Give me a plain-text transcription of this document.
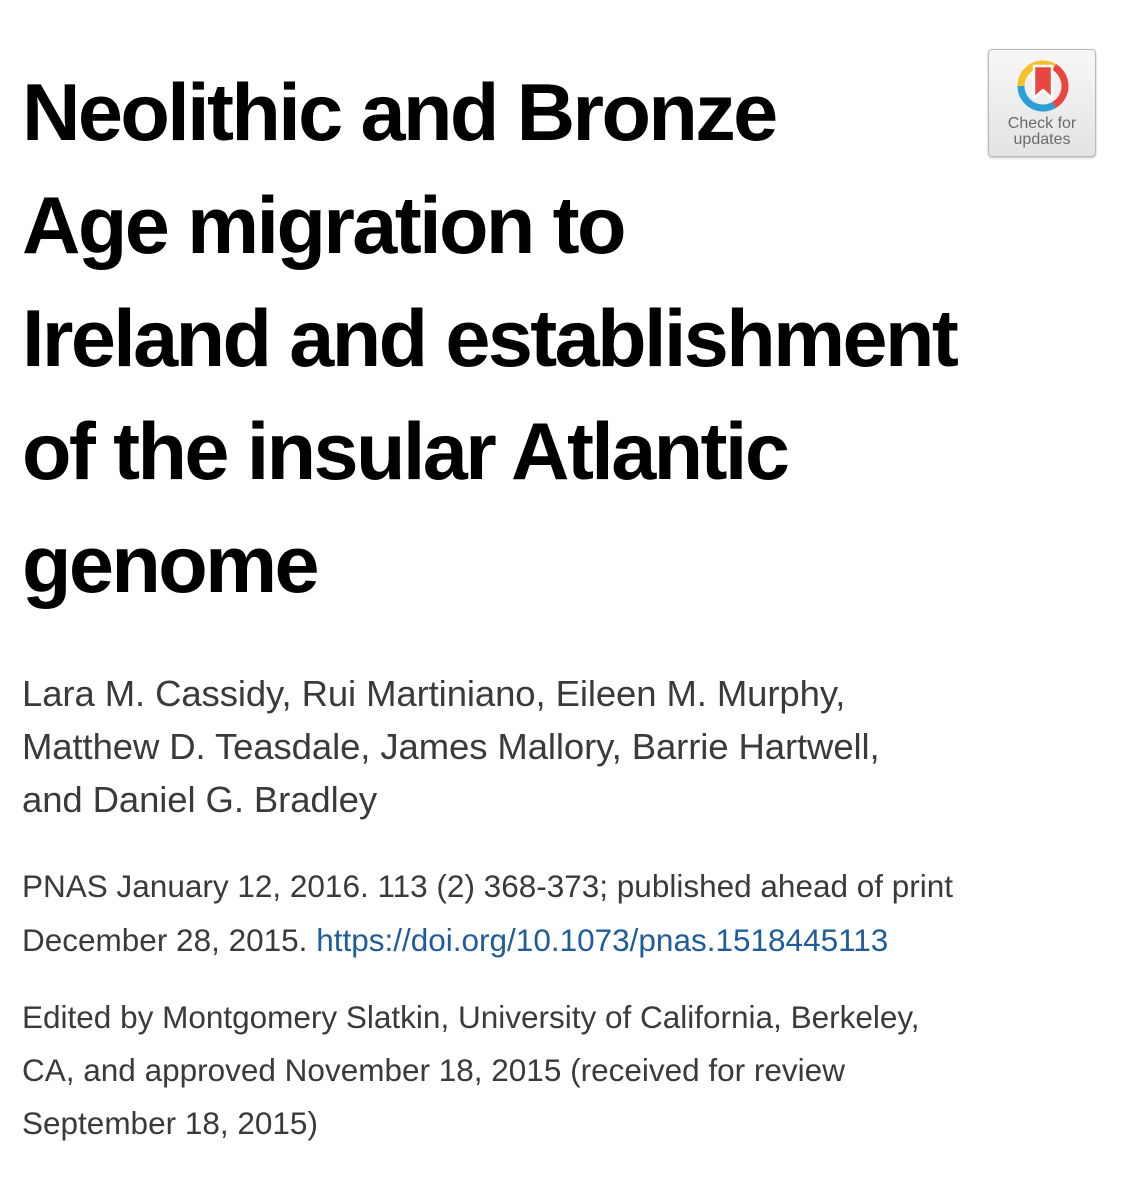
Neolithic and Bronze
Age migration to
Ireland and establishment
of the insular Atlantic
genome
Check for
updates

Lara M. Cassidy, Rui Martiniano, Eileen M. Murphy,
Matthew D. Teasdale, James Mallory, Barrie Hartwell,
and Daniel G. Bradley

PNAS January 12, 2016. 113 (2) 368-373; published ahead of print
December 28, 2015. https://doi.org/10.1073/pnas.1518445113

Edited by Montgomery Slatkin, University of California, Berkeley,
CA, and approved November 18, 2015 (received for review
September 18, 2015)
